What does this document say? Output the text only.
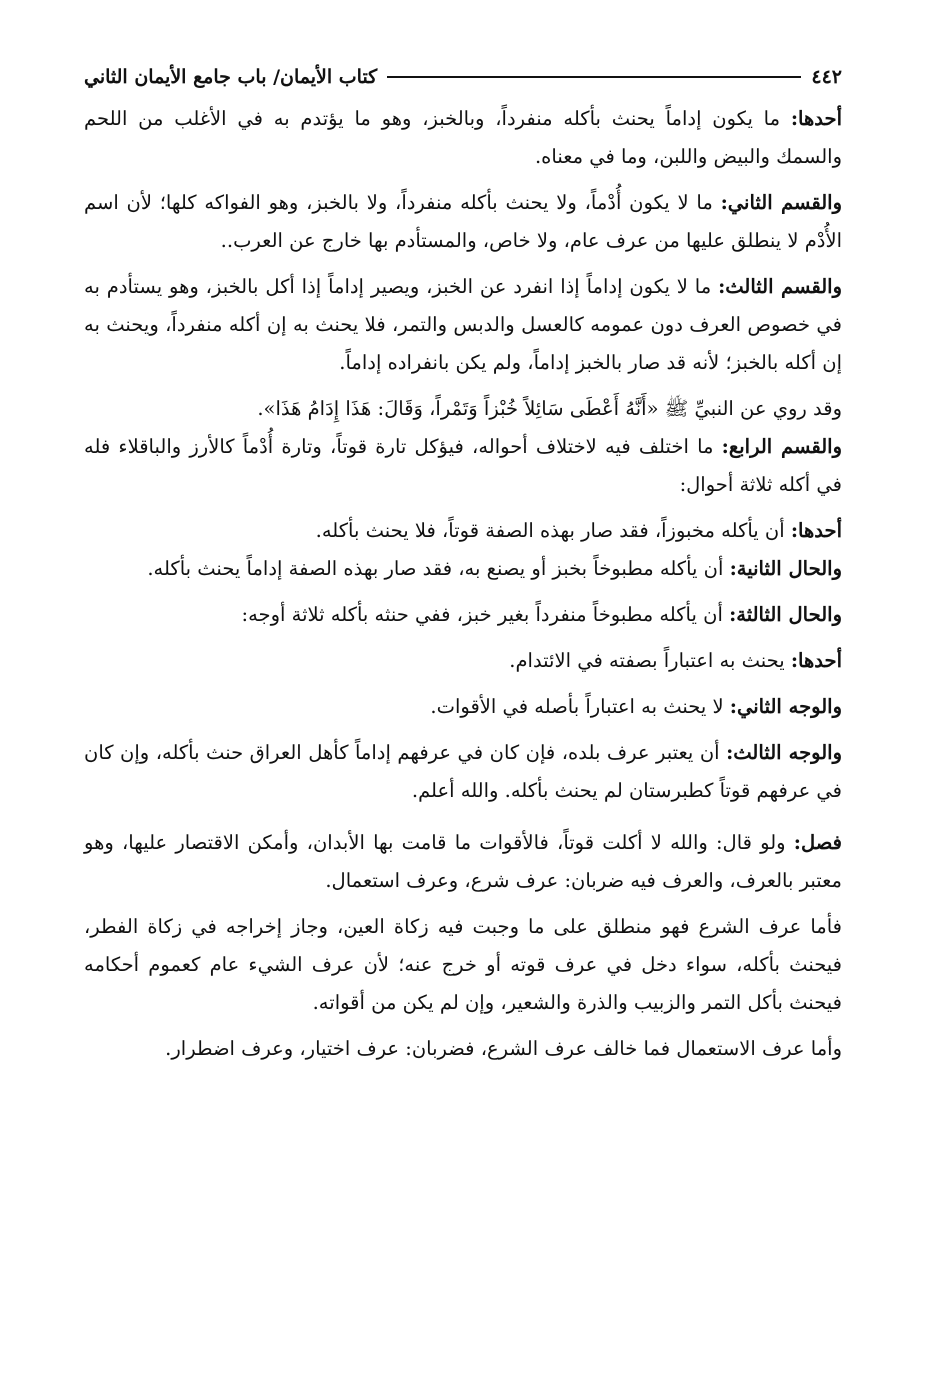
٤٤٢
كتاب الأيمان/ باب جامع الأيمان الثاني

أحدها: ما يكون إداماً يحنث بأكله منفرداً، وبالخبز، وهو ما يؤتدم به في الأغلب من اللحم والسمك والبيض واللبن، وما في معناه.

والقسم الثاني: ما لا يكون أُدْماً، ولا يحنث بأكله منفرداً، ولا بالخبز، وهو الفواكه كلها؛ لأن اسم الأُدْم لا ينطلق عليها من عرف عام، ولا خاص، والمستأدم بها خارج عن العرب..

والقسم الثالث: ما لا يكون إداماً إذا انفرد عن الخبز، ويصير إداماً إذا أكل بالخبز، وهو يستأدم به في خصوص العرف دون عمومه كالعسل والدبس والتمر، فلا يحنث به إن أكله منفرداً، ويحنث به إن أكله بالخبز؛ لأنه قد صار بالخبز إداماً، ولم يكن بانفراده إداماً.

وقد روي عن النبيِّ ﷺ «أَنَّهُ أَعْطَى سَائِلاً خُبْزاً وَتَمْراً، وَقَالَ: هَذَا إِدَامُ هَذَا».

والقسم الرابع: ما اختلف فيه لاختلاف أحواله، فيؤكل تارة قوتاً، وتارة أُدْماً كالأرز والباقلاء فله في أكله ثلاثة أحوال:

أحدها: أن يأكله مخبوزاً، فقد صار بهذه الصفة قوتاً، فلا يحنث بأكله.

والحال الثانية: أن يأكله مطبوخاً بخبز أو يصنع به، فقد صار بهذه الصفة إداماً يحنث بأكله.

والحال الثالثة: أن يأكله مطبوخاً منفرداً بغير خبز، ففي حنثه بأكله ثلاثة أوجه:

أحدها: يحنث به اعتباراً بصفته في الائتدام.

والوجه الثاني: لا يحنث به اعتباراً بأصله في الأقوات.

والوجه الثالث: أن يعتبر عرف بلده، فإن كان في عرفهم إداماً كأهل العراق حنث بأكله، وإن كان في عرفهم قوتاً كطبرستان لم يحنث بأكله. والله أعلم.

فصل: ولو قال: والله لا أكلت قوتاً، فالأقوات ما قامت بها الأبدان، وأمكن الاقتصار عليها، وهو معتبر بالعرف، والعرف فيه ضربان: عرف شرع، وعرف استعمال.

فأما عرف الشرع فهو منطلق على ما وجبت فيه زكاة العين، وجاز إخراجه في زكاة الفطر، فيحنث بأكله، سواء دخل في عرف قوته أو خرج عنه؛ لأن عرف الشيء عام كعموم أحكامه فيحنث بأكل التمر والزبيب والذرة والشعير، وإن لم يكن من أقواته.

وأما عرف الاستعمال فما خالف عرف الشرع، فضربان: عرف اختيار، وعرف اضطرار.
